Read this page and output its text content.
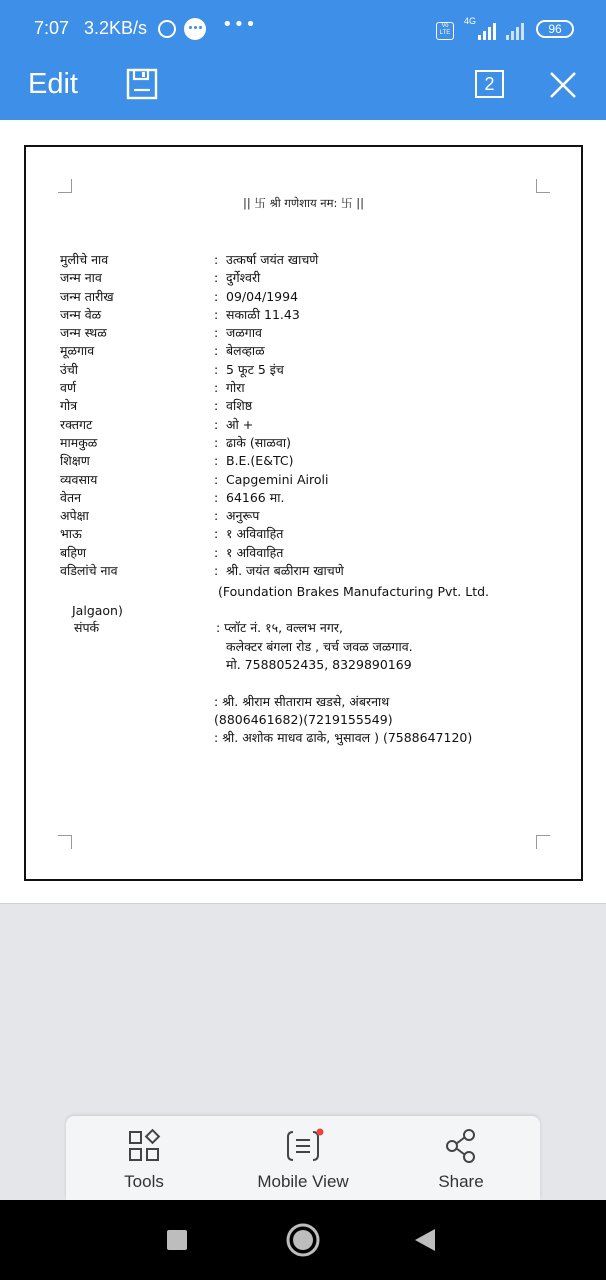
7:07 3.2KB/s	•••	Vo LTE
4G
96
Edit	2
|| 卐 श्री गणेशाय नम: 卐 ||
मुलीचे नाव	: उत्कर्षा जयंत खाचणे
जन्म नाव	: दुर्गेश्वरी
जन्म तारीख	: 09/04/1994
जन्म वेळ	: सकाळी 11.43
जन्म स्थळ	: जळगाव
मूळगाव	: बेलव्हाळ
उंची	: 5 फूट 5 इंच
वर्ण	: गोरा
गोत्र	: वशिष्ठ
रक्तगट	: ओ +
मामकुळ	: ढाके (साळवा)
शिक्षण	: B.E.(E&TC)
व्यवसाय	: Capgemini Airoli
वेतन	: 64166 मा.
अपेक्षा	: अनुरूप
भाऊ	: १ अविवाहित
बहिण	: १ अविवाहित
वडिलांचे नाव	: श्री. जयंत बळीराम खाचणे
(Foundation Brakes Manufacturing Pvt. Ltd.
Jalgaon)
संपर्क	: प्लॉट नं. १५, वल्लभ नगर,
कलेक्टर बंगला रोड , चर्च जवळ जळगाव.
मो. 7588052435, 8329890169
: श्री. श्रीराम सीताराम खडसे, अंबरनाथ
(8806461682)(7219155549)
: श्री. अशोक माधव ढाके, भुसावल ) (7588647120)
Tools	Mobile View	Share
